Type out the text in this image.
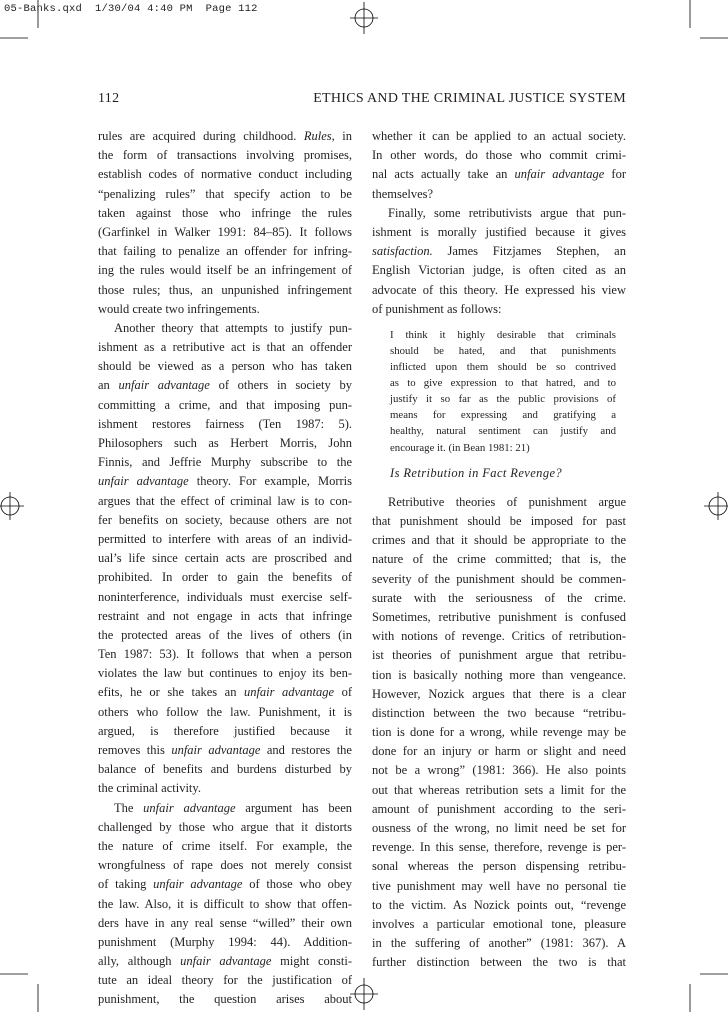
05-Banks.qxd 1/30/04 4:40 PM Page 112
112	ETHICS AND THE CRIMINAL JUSTICE SYSTEM
rules are acquired during childhood. Rules, in
the form of transactions involving promises,
establish codes of normative conduct including
“penalizing rules” that specify action to be
taken against those who infringe the rules
(Garfinkel in Walker 1991: 84–85). It follows
that failing to penalize an offender for infring-
ing the rules would itself be an infringement of
those rules; thus, an unpunished infringement
would create two infringements.
Another theory that attempts to justify pun-
ishment as a retributive act is that an offender
should be viewed as a person who has taken
an unfair advantage of others in society by
committing a crime, and that imposing pun-
ishment restores fairness (Ten 1987: 5).
Philosophers such as Herbert Morris, John
Finnis, and Jeffrie Murphy subscribe to the
unfair advantage theory. For example, Morris
argues that the effect of criminal law is to con-
fer benefits on society, because others are not
permitted to interfere with areas of an individ-
ual’s life since certain acts are proscribed and
prohibited. In order to gain the benefits of
noninterference, individuals must exercise self-
restraint and not engage in acts that infringe
the protected areas of the lives of others (in
Ten 1987: 53). It follows that when a person
violates the law but continues to enjoy its ben-
efits, he or she takes an unfair advantage of
others who follow the law. Punishment, it is
argued, is therefore justified because it
removes this unfair advantage and restores the
balance of benefits and burdens disturbed by
the criminal activity.
The unfair advantage argument has been
challenged by those who argue that it distorts
the nature of crime itself. For example, the
wrongfulness of rape does not merely consist
of taking unfair advantage of those who obey
the law. Also, it is difficult to show that offen-
ders have in any real sense “willed” their own
punishment (Murphy 1994: 44). Addition-
ally, although unfair advantage might consti-
tute an ideal theory for the justification of
punishment, the question arises about
whether it can be applied to an actual society.
In other words, do those who commit crimi-
nal acts actually take an unfair advantage for
themselves?
Finally, some retributivists argue that pun-
ishment is morally justified because it gives
satisfaction. James Fitzjames Stephen, an
English Victorian judge, is often cited as an
advocate of this theory. He expressed his view
of punishment as follows:
I think it highly desirable that criminals
should be hated, and that punishments
inflicted upon them should be so contrived
as to give expression to that hatred, and to
justify it so far as the public provisions of
means for expressing and gratifying a
healthy, natural sentiment can justify and
encourage it. (in Bean 1981: 21)
Is Retribution in Fact Revenge?
Retributive theories of punishment argue
that punishment should be imposed for past
crimes and that it should be appropriate to the
nature of the crime committed; that is, the
severity of the punishment should be commen-
surate with the seriousness of the crime.
Sometimes, retributive punishment is confused
with notions of revenge. Critics of retribution-
ist theories of punishment argue that retribu-
tion is basically nothing more than vengeance.
However, Nozick argues that there is a clear
distinction between the two because “retribu-
tion is done for a wrong, while revenge may be
done for an injury or harm or slight and need
not be a wrong” (1981: 366). He also points
out that whereas retribution sets a limit for the
amount of punishment according to the seri-
ousness of the wrong, no limit need be set for
revenge. In this sense, therefore, revenge is per-
sonal whereas the person dispensing retribu-
tive punishment may well have no personal tie
to the victim. As Nozick points out, “revenge
involves a particular emotional tone, pleasure
in the suffering of another” (1981: 367). A
further distinction between the two is that
